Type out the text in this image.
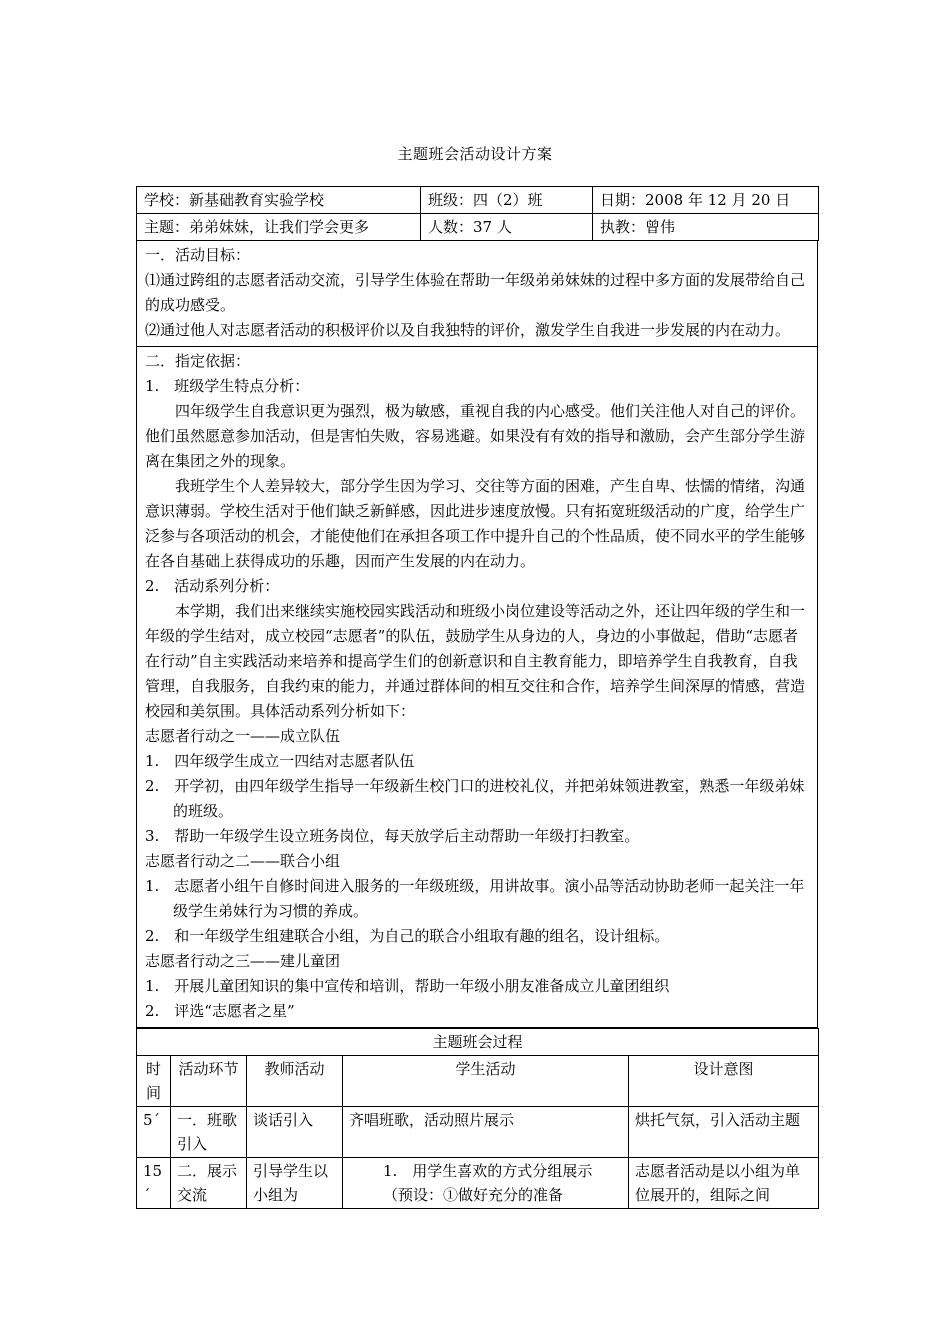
主题班会活动设计方案
学校：新基础教育实验学校	班级：四（2）班	日期：2008 年 12 月 20 日
主题：弟弟妹妹，让我们学会更多	人数：37 人	执教：曾伟

一．活动目标：

⑴通过跨组的志愿者活动交流，引导学生体验在帮助一年级弟弟妹妹的过程中多方面的发展带给自己的成功感受。

⑵通过他人对志愿者活动的积极评价以及自我独特的评价，激发学生自我进一步发展的内在动力。

二．指定依据：

1.　班级学生特点分析：

四年级学生自我意识更为强烈，极为敏感，重视自我的内心感受。他们关注他人对自己的评价。他们虽然愿意参加活动，但是害怕失败，容易逃避。如果没有有效的指导和激励，会产生部分学生游离在集团之外的现象。

我班学生个人差异较大，部分学生因为学习、交往等方面的困难，产生自卑、怯懦的情绪，沟通意识薄弱。学校生活对于他们缺乏新鲜感，因此进步速度放慢。只有拓宽班级活动的广度，给学生广泛参与各项活动的机会，才能使他们在承担各项工作中提升自己的个性品质，使不同水平的学生能够在各自基础上获得成功的乐趣，因而产生发展的内在动力。

2.　活动系列分析：

本学期，我们出来继续实施校园实践活动和班级小岗位建设等活动之外，还让四年级的学生和一年级的学生结对，成立校园“志愿者”的队伍，鼓励学生从身边的人，身边的小事做起，借助“志愿者在行动”自主实践活动来培养和提高学生们的创新意识和自主教育能力，即培养学生自我教育，自我管理，自我服务，自我约束的能力，并通过群体间的相互交往和合作，培养学生间深厚的情感，营造校园和美氛围。具体活动系列分析如下：

志愿者行动之一——成立队伍

1.　四年级学生成立一四结对志愿者队伍

2.　开学初，由四年级学生指导一年级新生校门口的进校礼仪，并把弟妹领进教室，熟悉一年级弟妹的班级。

3.　帮助一年级学生设立班务岗位，每天放学后主动帮助一年级打扫教室。

志愿者行动之二——联合小组

1.　志愿者小组午自修时间进入服务的一年级班级，用讲故事。演小品等活动协助老师一起关注一年级学生弟妹行为习惯的养成。

2.　和一年级学生组建联合小组，为自己的联合小组取有趣的组名，设计组标。

志愿者行动之三——建儿童团

1.　开展儿童团知识的集中宣传和培训，帮助一年级小朋友准备成立儿童团组织

2.　评选“志愿者之星”

主题班会过程				
时间	活动环节	教师活动	学生活动	设计意图
5´	一．班歌引入	谈话引入	齐唱班歌，活动照片展示	烘托气氛，引入活动主题
15´	二．展示交流	引导学生以小组为	1.　用学生喜欢的方式分组展示（预设：①做好充分的准备	志愿者活动是以小组为单位展开的，组际之间
